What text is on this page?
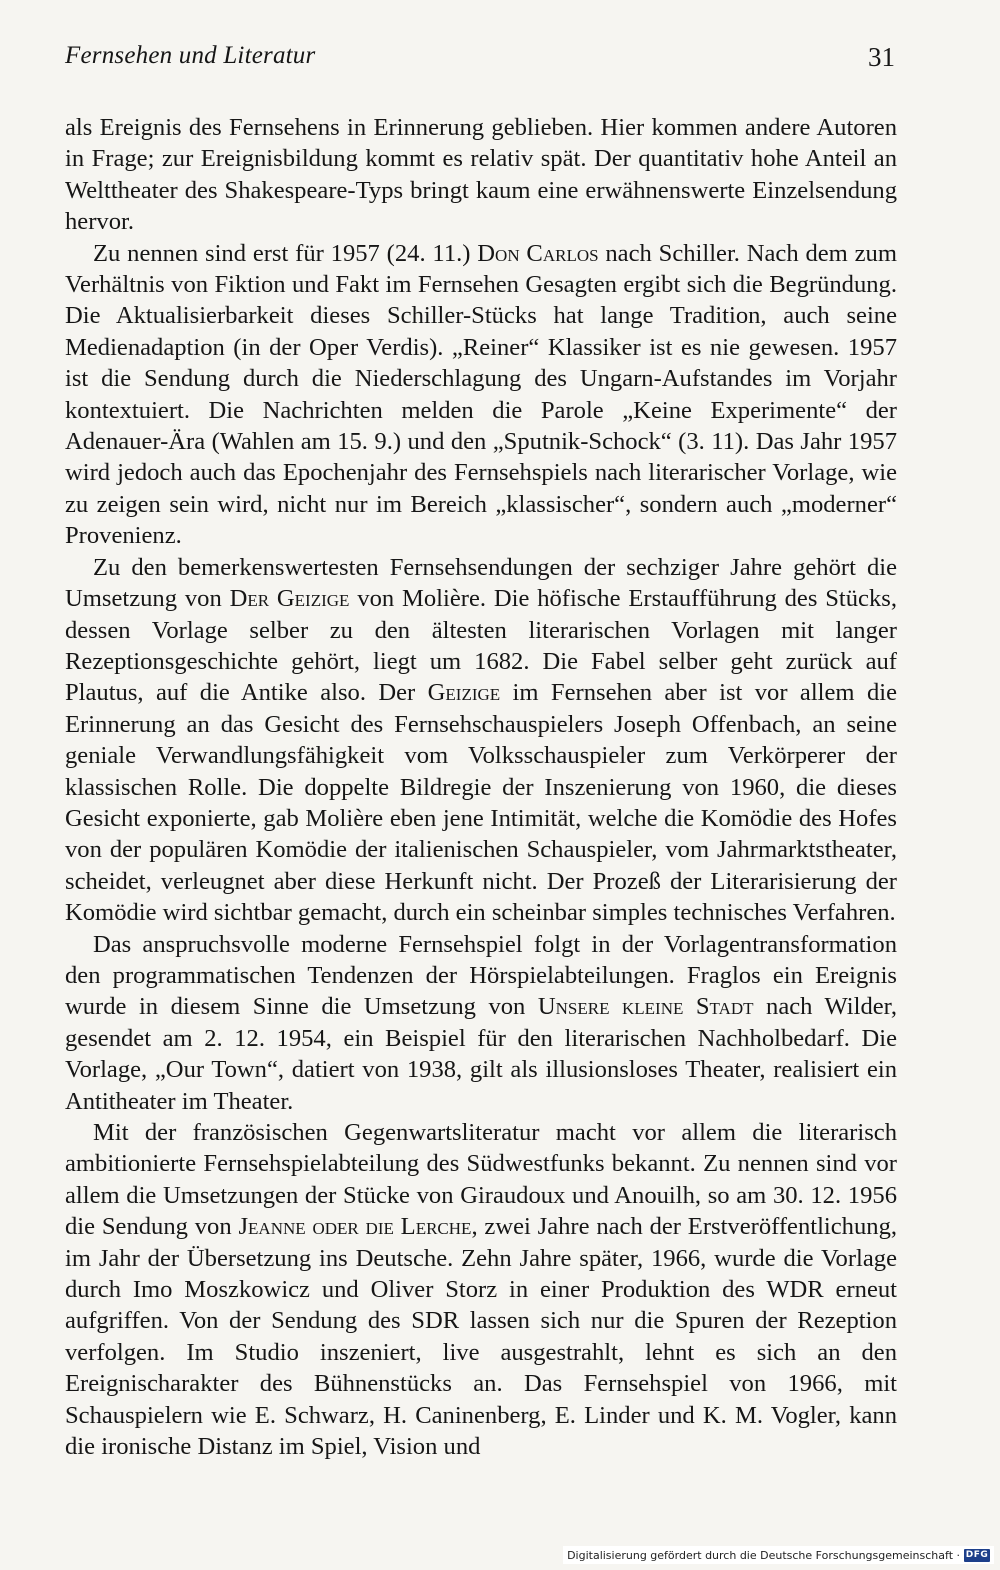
Fernsehen und Literatur	31

als Ereignis des Fernsehens in Erinnerung geblieben. Hier kommen andere Autoren in Frage; zur Ereignisbildung kommt es relativ spät. Der quantitativ hohe Anteil an Welttheater des Shakespeare-Typs bringt kaum eine erwähnenswerte Einzelsendung hervor.

Zu nennen sind erst für 1957 (24. 11.) Don Carlos nach Schiller. Nach dem zum Verhältnis von Fiktion und Fakt im Fernsehen Gesagten ergibt sich die Begründung. Die Aktualisierbarkeit dieses Schiller-Stücks hat lange Tradition, auch seine Medienadaption (in der Oper Verdis). „Reiner“ Klassiker ist es nie gewesen. 1957 ist die Sendung durch die Niederschlagung des Ungarn-Aufstandes im Vorjahr kontextuiert. Die Nachrichten melden die Parole „Keine Experimente“ der Adenauer-Ära (Wahlen am 15. 9.) und den „Sputnik-Schock“ (3. 11). Das Jahr 1957 wird jedoch auch das Epochenjahr des Fernsehspiels nach literarischer Vorlage, wie zu zeigen sein wird, nicht nur im Bereich „klassischer“, sondern auch „moderner“ Provenienz.

Zu den bemerkenswertesten Fernsehsendungen der sechziger Jahre gehört die Umsetzung von Der Geizige von Molière. Die höfische Erstaufführung des Stücks, dessen Vorlage selber zu den ältesten literarischen Vorlagen mit langer Rezeptionsgeschichte gehört, liegt um 1682. Die Fabel selber geht zurück auf Plautus, auf die Antike also. Der Geizige im Fernsehen aber ist vor allem die Erinnerung an das Gesicht des Fernsehschauspielers Joseph Offenbach, an seine geniale Verwandlungsfähigkeit vom Volksschauspieler zum Verkörperer der klassischen Rolle. Die doppelte Bildregie der Inszenierung von 1960, die dieses Gesicht exponierte, gab Molière eben jene Intimität, welche die Komödie des Hofes von der populären Komödie der italienischen Schauspieler, vom Jahrmarktstheater, scheidet, verleugnet aber diese Herkunft nicht. Der Prozeß der Literarisierung der Komödie wird sichtbar gemacht, durch ein scheinbar simples technisches Verfahren.

Das anspruchsvolle moderne Fernsehspiel folgt in der Vorlagentransformation den programmatischen Tendenzen der Hörspielabteilungen. Fraglos ein Ereignis wurde in diesem Sinne die Umsetzung von Unsere kleine Stadt nach Wilder, gesendet am 2. 12. 1954, ein Beispiel für den literarischen Nachholbedarf. Die Vorlage, „Our Town“, datiert von 1938, gilt als illusionsloses Theater, realisiert ein Antitheater im Theater.

Mit der französischen Gegenwartsliteratur macht vor allem die literarisch ambitionierte Fernsehspielabteilung des Südwestfunks bekannt. Zu nennen sind vor allem die Umsetzungen der Stücke von Giraudoux und Anouilh, so am 30. 12. 1956 die Sendung von Jeanne oder die Lerche, zwei Jahre nach der Erstveröffentlichung, im Jahr der Übersetzung ins Deutsche. Zehn Jahre später, 1966, wurde die Vorlage durch Imo Moszkowicz und Oliver Storz in einer Produktion des WDR erneut aufgriffen. Von der Sendung des SDR lassen sich nur die Spuren der Rezeption verfolgen. Im Studio inszeniert, live ausgestrahlt, lehnt es sich an den Ereignischarakter des Bühnenstücks an. Das Fernsehspiel von 1966, mit Schauspielern wie E. Schwarz, H. Caninenberg, E. Linder und K. M. Vogler, kann die ironische Distanz im Spiel, Vision und

Digitalisierung gefördert durch die Deutsche Forschungsgemeinschaft · DFG
